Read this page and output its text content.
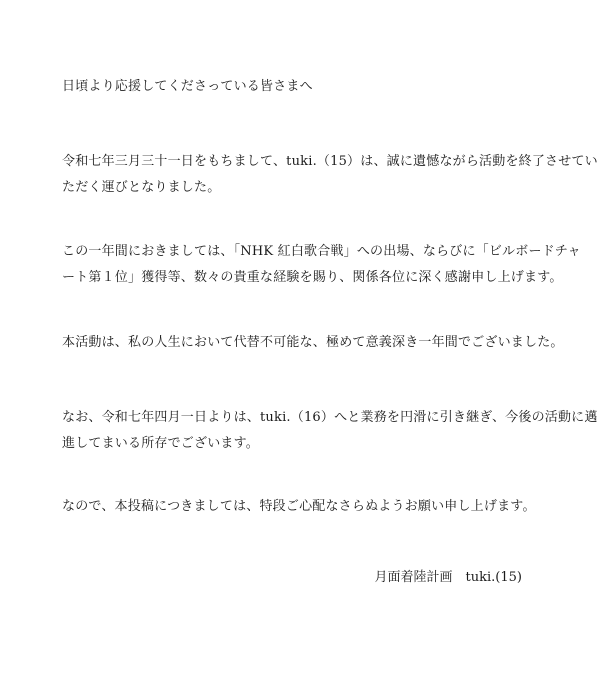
日頃より応援してくださっている皆さまへ

令和七年三月三十一日をもちまして、tuki.（15）は、誠に遺憾ながら活動を終了させてい
ただく運びとなりました。

この一年間におきましては、「NHK 紅白歌合戦」への出場、ならびに「ビルボードチャ
ート第１位」獲得等、数々の貴重な経験を賜り、関係各位に深く感謝申し上げます。

本活動は、私の人生において代替不可能な、極めて意義深き一年間でございました。

なお、令和七年四月一日よりは、tuki.（16）へと業務を円滑に引き継ぎ、今後の活動に邁
進してまいる所存でございます。

なので、本投稿につきましては、特段ご心配なさらぬようお願い申し上げます。

月面着陸計画　tuki.(15)
